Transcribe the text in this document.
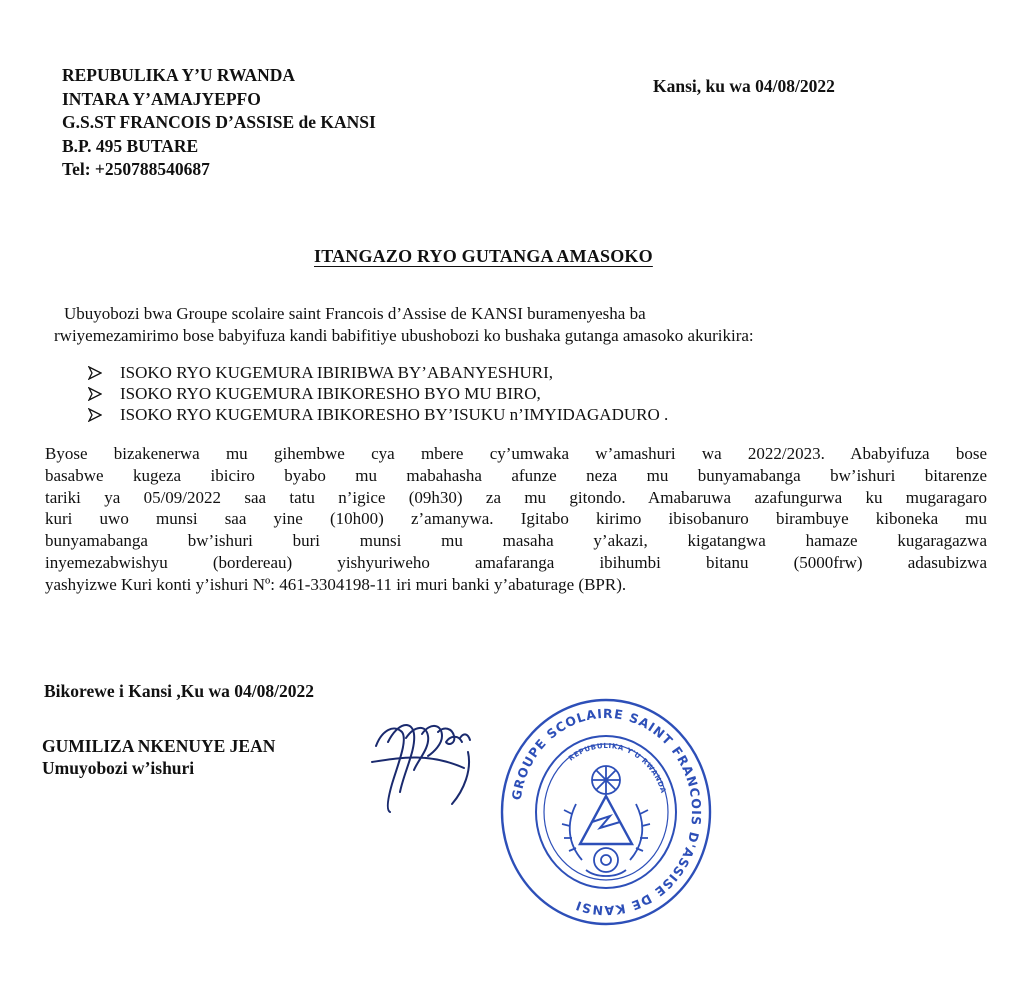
REPUBULIKA Y’U RWANDA
INTARA Y’AMAJYEPFO
G.S.ST FRANCOIS D’ASSISE de KANSI
B.P. 495 BUTARE
Tel: +250788540687
Kansi, ku wa 04/08/2022
ITANGAZO RYO GUTANGA AMASOKO
Ubuyobozi bwa Groupe scolaire saint Francois d’Assise de KANSI buramenyesha ba
rwiyemezamirimo bose babyifuza kandi babifitiye ubushobozi ko bushaka gutanga amasoko akurikira:
ISOKO RYO KUGEMURA IBIRIBWA BY’ABANYESHURI,
ISOKO RYO KUGEMURA IBIKORESHO BYO MU BIRO,
ISOKO RYO KUGEMURA IBIKORESHO BY’ISUKU n’IMYIDAGADURO .
Byose bizakenerwa mu gihembwe cya mbere cy’umwaka w’amashuri wa 2022/2023. Ababyifuza bose
basabwe kugeza ibiciro byabo mu mabahasha afunze neza mu bunyamabanga bw’ishuri bitarenze
tariki ya 05/09/2022 saa tatu n’igice (09h30) za mu gitondo. Amabaruwa azafungurwa ku mugaragaro
kuri uwo munsi saa yine (10h00) z’amanywa. Igitabo kirimo ibisobanuro birambuye kiboneka mu
bunyamabanga bw’ishuri buri munsi mu masaha y’akazi, kigatangwa hamaze kugaragazwa
inyemezabwishyu (bordereau) yishyuriweho amafaranga ibihumbi bitanu (5000frw) adasubizwa
yashyizwe Kuri konti y’ishuri Nº: 461-3304198-11 iri muri banki y’abaturage (BPR).
Bikorewe i Kansi ,Ku wa 04/08/2022
GUMILIZA NKENUYE JEAN
Umuyobozi w’ishuri
GROUPE SCOLAIRE SAINT FRANCOIS D'ASSISE DE KANSI
REPUBULIKA Y'U RWANDA
